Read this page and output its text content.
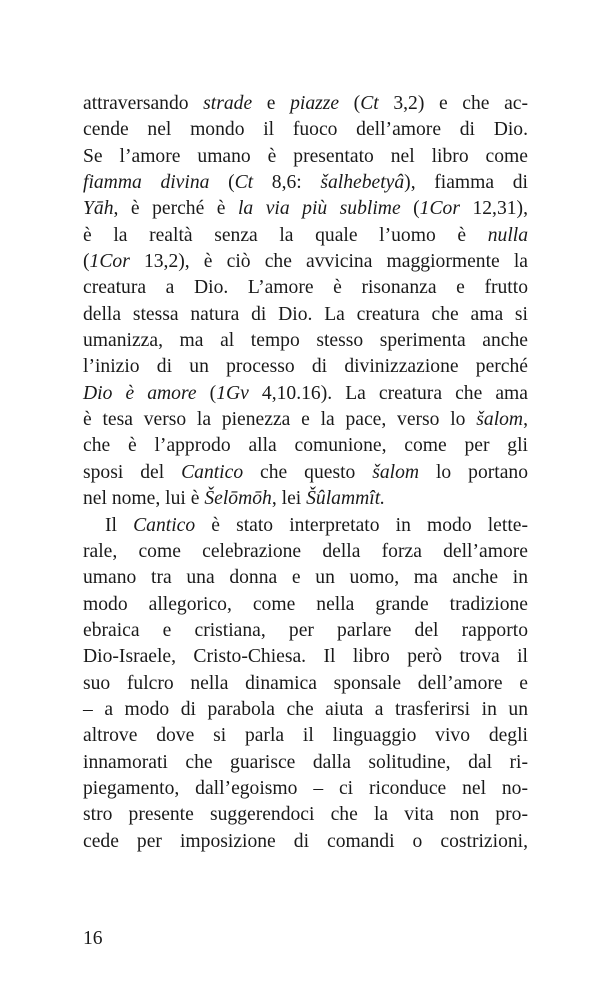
attraversando strade e piazze (Ct 3,2) e che ac-
cende nel mondo il fuoco dell’amore di Dio.
Se l’amore umano è presentato nel libro come
fiamma divina (Ct 8,6: šalhebetyâ), fiamma di
Yāh, è perché è la via più sublime (1Cor 12,31),
è la realtà senza la quale l’uomo è nulla
(1Cor 13,2), è ciò che avvicina maggiormente la
creatura a Dio. L’amore è risonanza e frutto
della stessa natura di Dio. La creatura che ama si
umanizza, ma al tempo stesso sperimenta anche
l’inizio di un processo di divinizzazione perché
Dio è amore (1Gv 4,10.16). La creatura che ama
è tesa verso la pienezza e la pace, verso lo šalom,
che è l’approdo alla comunione, come per gli
sposi del Cantico che questo šalom lo portano
nel nome, lui è Šelōmōh, lei Šûlammît.
Il Cantico è stato interpretato in modo lette-
rale, come celebrazione della forza dell’amore
umano tra una donna e un uomo, ma anche in
modo allegorico, come nella grande tradizione
ebraica e cristiana, per parlare del rapporto
Dio-Israele, Cristo-Chiesa. Il libro però trova il
suo fulcro nella dinamica sponsale dell’amore e
– a modo di parabola che aiuta a trasferirsi in un
altrove dove si parla il linguaggio vivo degli
innamorati che guarisce dalla solitudine, dal ri-
piegamento, dall’egoismo – ci riconduce nel no-
stro presente suggerendoci che la vita non pro-
cede per imposizione di comandi o costrizioni,
16
